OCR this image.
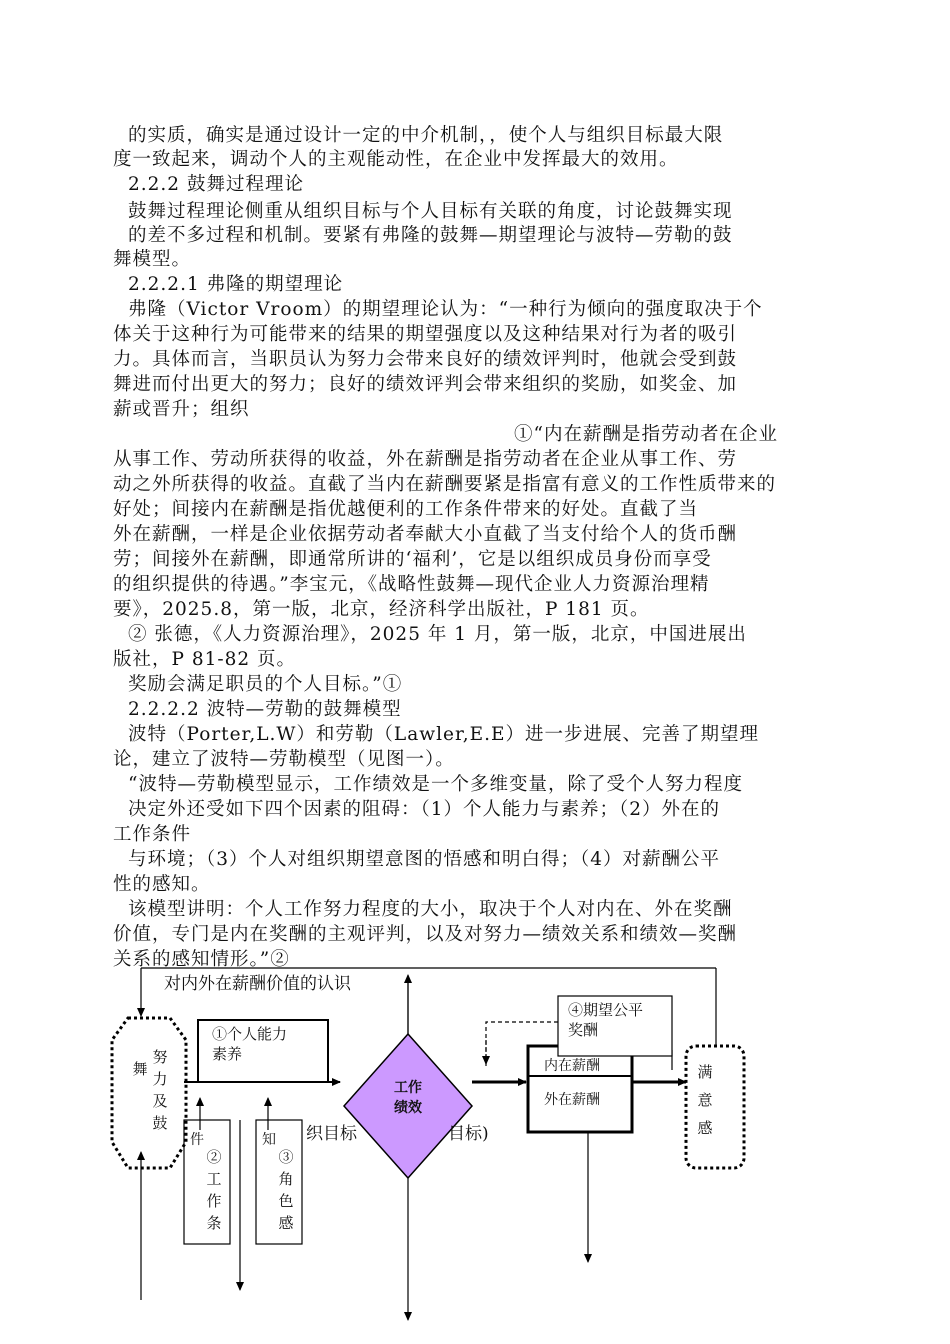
的实质，确实是通过设计一定的中介机制，，使个人与组织目标最大限
度一致起来，调动个人的主观能动性，在企业中发挥最大的效用。
2.2.2 鼓舞过程理论
鼓舞过程理论侧重从组织目标与个人目标有关联的角度，讨论鼓舞实现
的差不多过程和机制。要紧有弗隆的鼓舞—期望理论与波特—劳勒的鼓
舞模型。
2.2.2.1 弗隆的期望理论
弗隆（Victor Vroom）的期望理论认为：“一种行为倾向的强度取决于个
体关于这种行为可能带来的结果的期望强度以及这种结果对行为者的吸引
力。具体而言，当职员认为努力会带来良好的绩效评判时，他就会受到鼓
舞进而付出更大的努力；良好的绩效评判会带来组织的奖励，如奖金、加
薪或晋升；组织
①“内在薪酬是指劳动者在企业
从事工作、劳动所获得的收益，外在薪酬是指劳动者在企业从事工作、劳
动之外所获得的收益。直截了当内在薪酬要紧是指富有意义的工作性质带来的
好处；间接内在薪酬是指优越便利的工作条件带来的好处。直截了当
外在薪酬，一样是企业依据劳动者奉献大小直截了当支付给个人的货币酬
劳；间接外在薪酬，即通常所讲的‘福利’，它是以组织成员身份而享受
的组织提供的待遇。”李宝元，《战略性鼓舞—现代企业人力资源治理精
要》，2025.8，第一版，北京，经济科学出版社，P 181 页。
② 张德，《人力资源治理》，2025 年 1 月，第一版，北京，中国进展出
版社，P 81-82 页。
奖励会满足职员的个人目标。”①
2.2.2.2 波特—劳勒的鼓舞模型
波特（Porter,L.W）和劳勒（Lawler,E.E）进一步进展、完善了期望理
论，建立了波特—劳勒模型（见图一）。
“波特—劳勒模型显示，工作绩效是一个多维变量，除了受个人努力程度
决定外还受如下四个因素的阻碍：（1）个人能力与素养；（2）外在的
工作条件
与环境；（3）个人对组织期望意图的悟感和明白得；（4）对薪酬公平
性的感知。
该模型讲明：个人工作努力程度的大小，取决于个人对内在、外在奖酬
价值，专门是内在奖酬的主观评判，以及对努力—绩效关系和绩效—奖酬
关系的感知情形。”②
对内外在薪酬价值的认识
①个人能力
素养
舞
努力及鼓
工作
绩效
④期望公平
奖酬
内在薪酬
外在薪酬
满意感
件
②工作条
知
③角色感
织目标	目标)
